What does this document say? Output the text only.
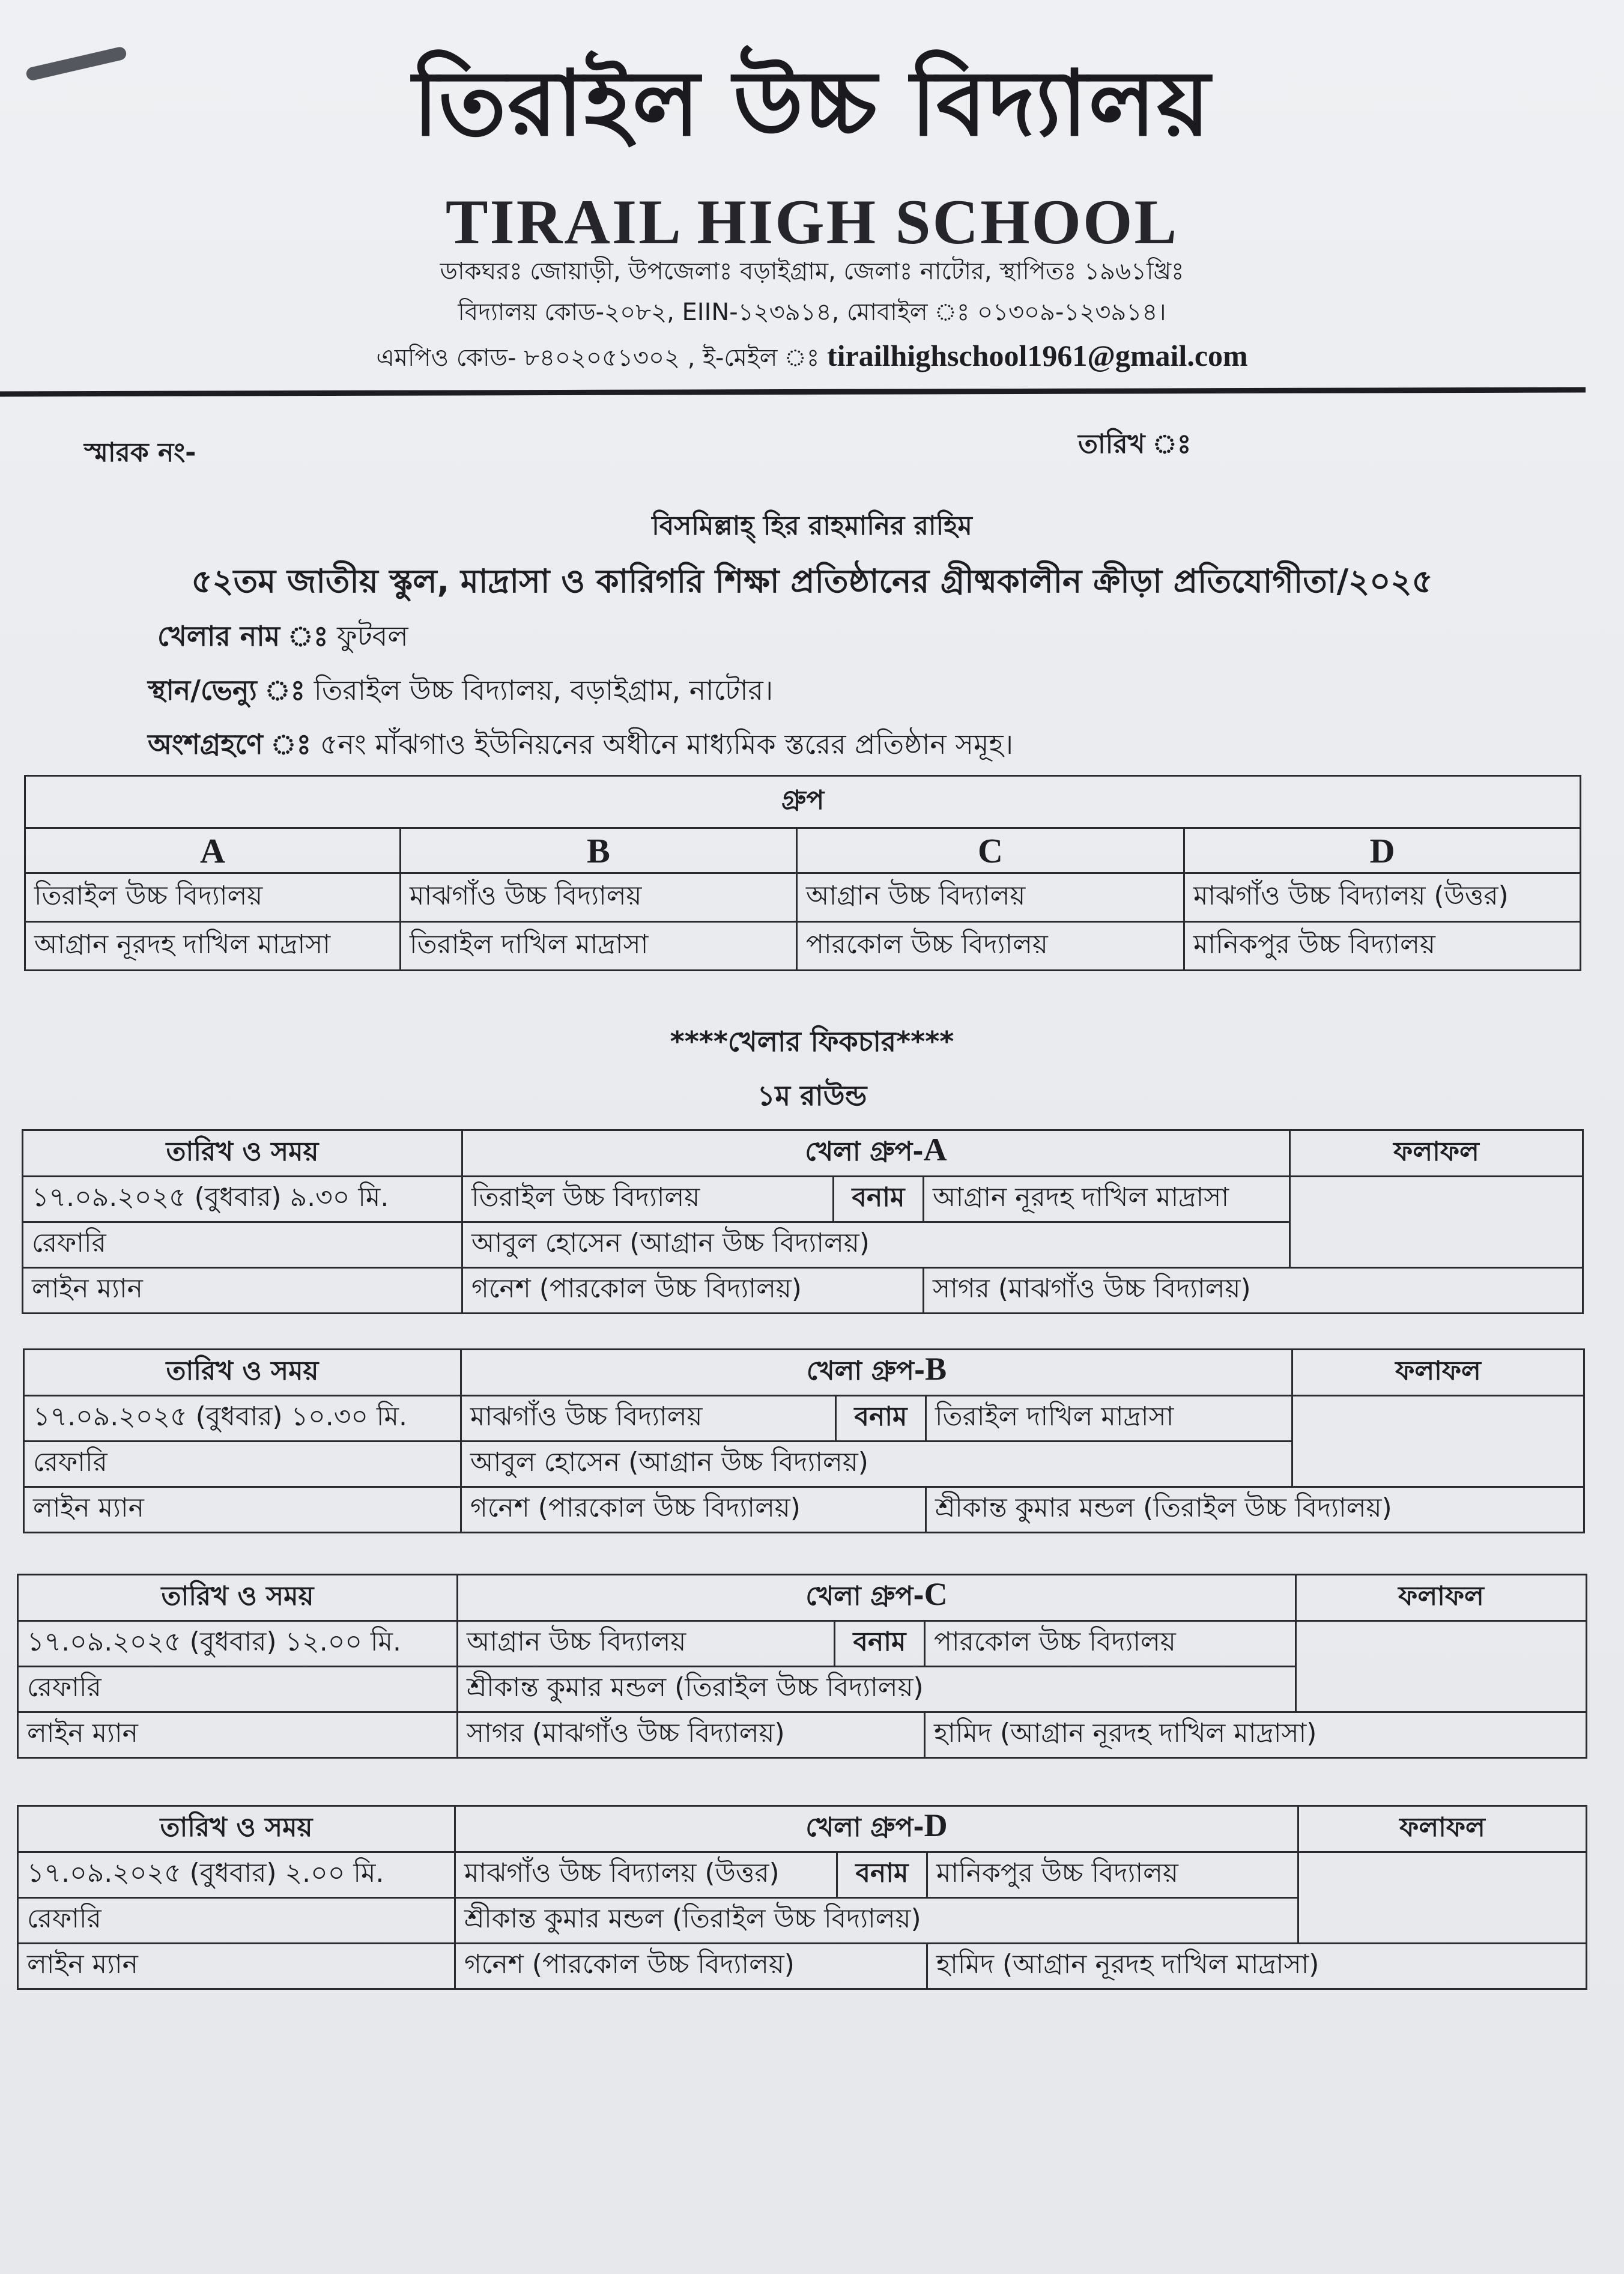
তিরাইল উচ্চ বিদ্যালয়
TIRAIL HIGH SCHOOL
ডাকঘরঃ জোয়াড়ী, উপজেলাঃ বড়াইগ্রাম, জেলাঃ নাটোর, স্থাপিতঃ ১৯৬১খ্রিঃ
বিদ্যালয় কোড-২০৮২, EIIN-১২৩৯১৪, মোবাইল ঃ ০১৩০৯-১২৩৯১৪।
এমপিও কোড- ৮৪০২০৫১৩০২ , ই-মেইল ঃ tirailhighschool1961@gmail.com
স্মারক নং-	তারিখ ঃ
বিসমিল্লাহ্ হির রাহমানির রাহিম
৫২তম জাতীয় স্কুল, মাদ্রাসা ও কারিগরি শিক্ষা প্রতিষ্ঠানের গ্রীষ্মকালীন ক্রীড়া প্রতিযোগীতা/২০২৫
খেলার নাম ঃ ফুটবল
স্থান/ভেন্যু ঃ তিরাইল উচ্চ বিদ্যালয়, বড়াইগ্রাম, নাটোর।
অংশগ্রহণে ঃ ৫নং মাঁঝগাও ইউনিয়নের অধীনে মাধ্যমিক স্তরের প্রতিষ্ঠান সমূহ।
গ্রুপ			
A	B	C	D
তিরাইল উচ্চ বিদ্যালয়	মাঝগাঁও উচ্চ বিদ্যালয়	আগ্রান উচ্চ বিদ্যালয়	মাঝগাঁও উচ্চ বিদ্যালয় (উত্তর)
আগ্রান নূরদহ দাখিল মাদ্রাসা	তিরাইল দাখিল মাদ্রাসা	পারকোল উচ্চ বিদ্যালয়	মানিকপুর উচ্চ বিদ্যালয়
****খেলার ফিকচার****
১ম রাউন্ড
তারিখ ও সময়	খেলা গ্রুপ-A			ফলাফল
১৭.০৯.২০২৫ (বুধবার) ৯.৩০ মি.	তিরাইল উচ্চ বিদ্যালয়	বনাম	আগ্রান নূরদহ দাখিল মাদ্রাসা	
রেফারি	আবুল হোসেন (আগ্রান উচ্চ বিদ্যালয়)			
লাইন ম্যান	গনেশ (পারকোল উচ্চ বিদ্যালয়)		সাগর (মাঝগাঁও উচ্চ বিদ্যালয়)	
তারিখ ও সময়	খেলা গ্রুপ-B			ফলাফল
১৭.০৯.২০২৫ (বুধবার) ১০.৩০ মি.	মাঝগাঁও উচ্চ বিদ্যালয়	বনাম	তিরাইল দাখিল মাদ্রাসা	
রেফারি	আবুল হোসেন (আগ্রান উচ্চ বিদ্যালয়)			
লাইন ম্যান	গনেশ (পারকোল উচ্চ বিদ্যালয়)		শ্রীকান্ত কুমার মন্ডল (তিরাইল উচ্চ বিদ্যালয়)	
তারিখ ও সময়	খেলা গ্রুপ-C			ফলাফল
১৭.০৯.২০২৫ (বুধবার) ১২.০০ মি.	আগ্রান উচ্চ বিদ্যালয়	বনাম	পারকোল উচ্চ বিদ্যালয়	
রেফারি	শ্রীকান্ত কুমার মন্ডল (তিরাইল উচ্চ বিদ্যালয়)			
লাইন ম্যান	সাগর (মাঝগাঁও উচ্চ বিদ্যালয়)		হামিদ (আগ্রান নূরদহ দাখিল মাদ্রাসা)	
তারিখ ও সময়	খেলা গ্রুপ-D			ফলাফল
১৭.০৯.২০২৫ (বুধবার) ২.০০ মি.	মাঝগাঁও উচ্চ বিদ্যালয় (উত্তর)	বনাম	মানিকপুর উচ্চ বিদ্যালয়	
রেফারি	শ্রীকান্ত কুমার মন্ডল (তিরাইল উচ্চ বিদ্যালয়)			
লাইন ম্যান	গনেশ (পারকোল উচ্চ বিদ্যালয়)		হামিদ (আগ্রান নূরদহ দাখিল মাদ্রাসা)	
